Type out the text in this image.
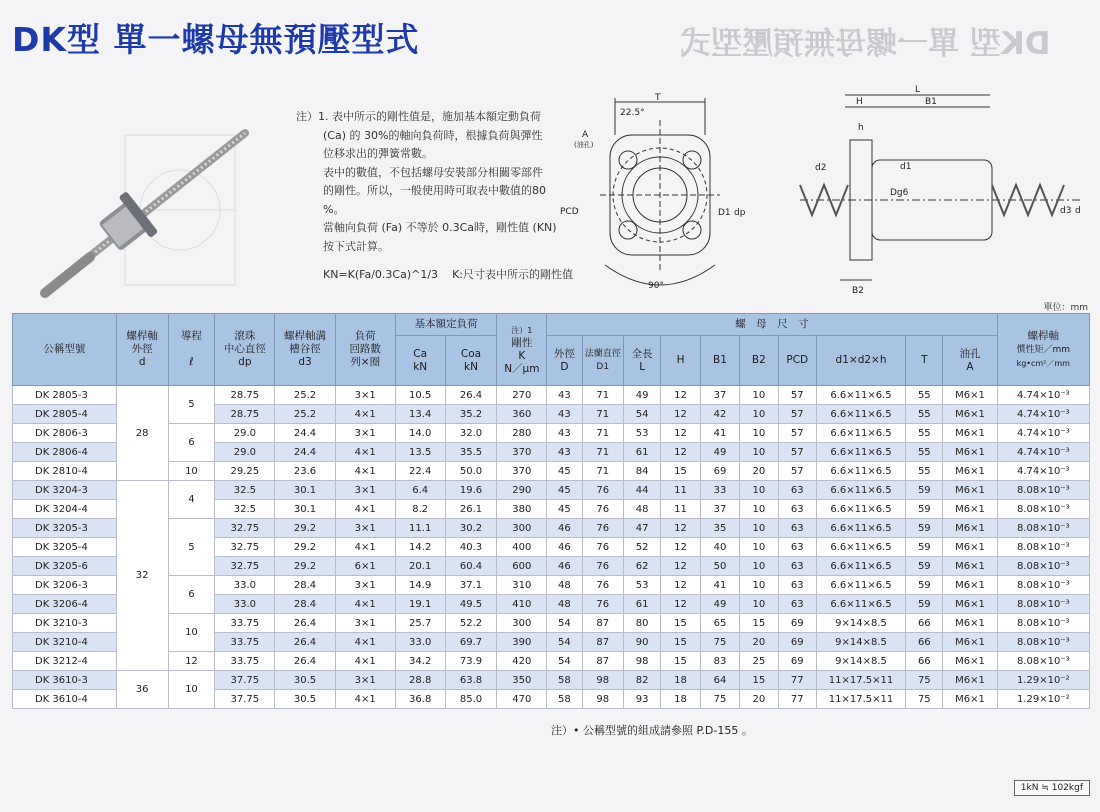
DK型 單一螺母無預壓型式	DK型 單一螺母無預壓型式
注）1. 表中所示的剛性值是，施加基本額定動負荷
(Ca) 的 30%的軸向負荷時，根據負荷與彈性
位移求出的彈簧常數。
表中的數值，不包括螺母安裝部分相關零部件
的剛性。所以，一般使用時可取表中數值的80
%。
當軸向負荷 (Fa) 不等於 0.3Ca時，剛性值 (KN)
按下式計算。
KN=K(Fa/0.3Ca)^1/3 K:尺寸表中所示的剛性值
T
22.5°
A
(油孔)
PCD	D1 dp
90°
L
H	B1
h
d2	d1
Dg6
d3 d
B2
單位：mm
公稱型號	螺桿軸
外徑
d	導程

ℓ	滾珠
中心直徑
dp	螺桿軸溝
槽谷徑
d3	負荷
回路數
列×圈	基本額定負荷		注）1
剛性
K
N／μm	螺　母　尺　寸										螺桿軸
慣性矩／mm
kg•cm²／mm
						Ca
kN	Coa
kN		外徑
D	法蘭直徑
D1	全長
L	H	B1	B2	PCD	d1×d2×h	T	油孔
A	
DK 2805-3	28	5	28.75	25.2	3×1	10.5	26.4	270	43	71	49	12	37	10	57	6.6×11×6.5	55	M6×1	4.74×10⁻³
DK 2805-4			28.75	25.2	4×1	13.4	35.2	360	43	71	54	12	42	10	57	6.6×11×6.5	55	M6×1	4.74×10⁻³
DK 2806-3		6	29.0	24.4	3×1	14.0	32.0	280	43	71	53	12	41	10	57	6.6×11×6.5	55	M6×1	4.74×10⁻³
DK 2806-4			29.0	24.4	4×1	13.5	35.5	370	43	71	61	12	49	10	57	6.6×11×6.5	55	M6×1	4.74×10⁻³
DK 2810-4		10	29.25	23.6	4×1	22.4	50.0	370	45	71	84	15	69	20	57	6.6×11×6.5	55	M6×1	4.74×10⁻³
DK 3204-3	32	4	32.5	30.1	3×1	6.4	19.6	290	45	76	44	11	33	10	63	6.6×11×6.5	59	M6×1	8.08×10⁻³
DK 3204-4			32.5	30.1	4×1	8.2	26.1	380	45	76	48	11	37	10	63	6.6×11×6.5	59	M6×1	8.08×10⁻³
DK 3205-3		5	32.75	29.2	3×1	11.1	30.2	300	46	76	47	12	35	10	63	6.6×11×6.5	59	M6×1	8.08×10⁻³
DK 3205-4			32.75	29.2	4×1	14.2	40.3	400	46	76	52	12	40	10	63	6.6×11×6.5	59	M6×1	8.08×10⁻³
DK 3205-6			32.75	29.2	6×1	20.1	60.4	600	46	76	62	12	50	10	63	6.6×11×6.5	59	M6×1	8.08×10⁻³
DK 3206-3		6	33.0	28.4	3×1	14.9	37.1	310	48	76	53	12	41	10	63	6.6×11×6.5	59	M6×1	8.08×10⁻³
DK 3206-4			33.0	28.4	4×1	19.1	49.5	410	48	76	61	12	49	10	63	6.6×11×6.5	59	M6×1	8.08×10⁻³
DK 3210-3		10	33.75	26.4	3×1	25.7	52.2	300	54	87	80	15	65	15	69	9×14×8.5	66	M6×1	8.08×10⁻³
DK 3210-4			33.75	26.4	4×1	33.0	69.7	390	54	87	90	15	75	20	69	9×14×8.5	66	M6×1	8.08×10⁻³
DK 3212-4		12	33.75	26.4	4×1	34.2	73.9	420	54	87	98	15	83	25	69	9×14×8.5	66	M6×1	8.08×10⁻³
DK 3610-3	36	10	37.75	30.5	3×1	28.8	63.8	350	58	98	82	18	64	15	77	11×17.5×11	75	M6×1	1.29×10⁻²
DK 3610-4			37.75	30.5	4×1	36.8	85.0	470	58	98	93	18	75	20	77	11×17.5×11	75	M6×1	1.29×10⁻²
注）• 公稱型號的組成請參照 P.D-155 。
1kN ≒ 102kgf
